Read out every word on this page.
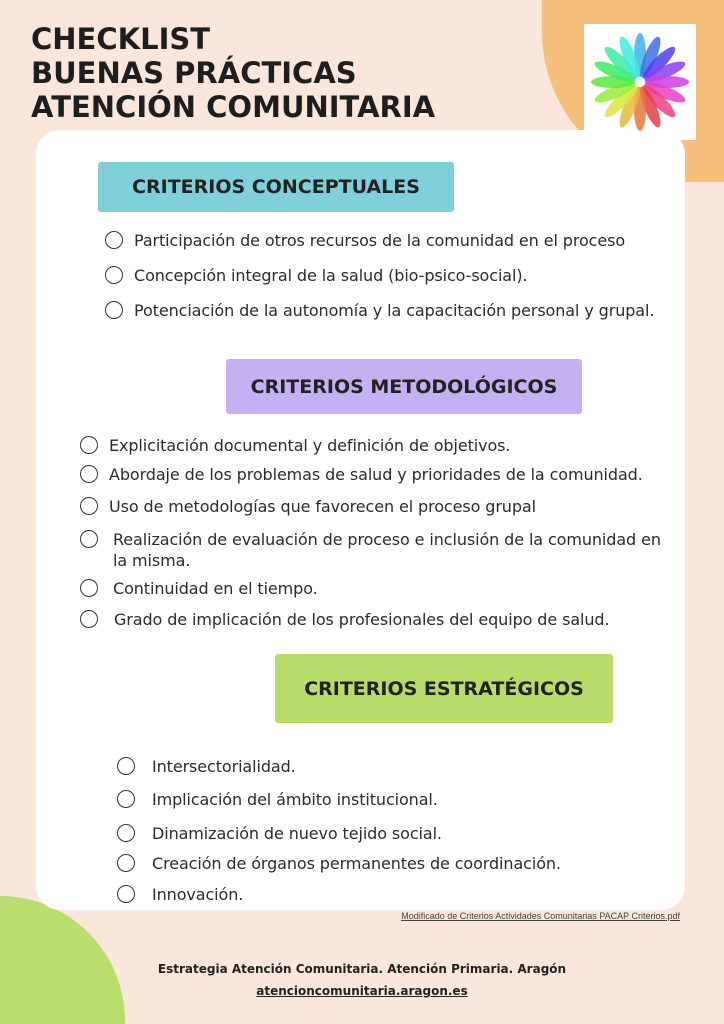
CHECKLIST
BUENAS PRÁCTICAS
ATENCIÓN COMUNITARIA
CRITERIOS CONCEPTUALES
Participación de otros recursos de la comunidad en el proceso
Concepción integral de la salud (bio-psico-social).
Potenciación de la autonomía y la capacitación personal y grupal.
CRITERIOS METODOLÓGICOS
Explicitación documental y definición de objetivos.
Abordaje de los problemas de salud y prioridades de la comunidad.
Uso de metodologías que favorecen el proceso grupal
Realización de evaluación de proceso e inclusión de la comunidad en la misma.
Continuidad en el tiempo.
Grado de implicación de los profesionales del equipo de salud.
CRITERIOS ESTRATÉGICOS
Intersectorialidad.
Implicación del ámbito institucional.
Dinamización de nuevo tejido social.
Creación de órganos permanentes de coordinación.
Innovación.
Modificado de Criterios Actividades Comunitarias PACAP Criterios.pdf
Estrategia Atención Comunitaria. Atención Primaria. Aragón
atencioncomunitaria.aragon.es
